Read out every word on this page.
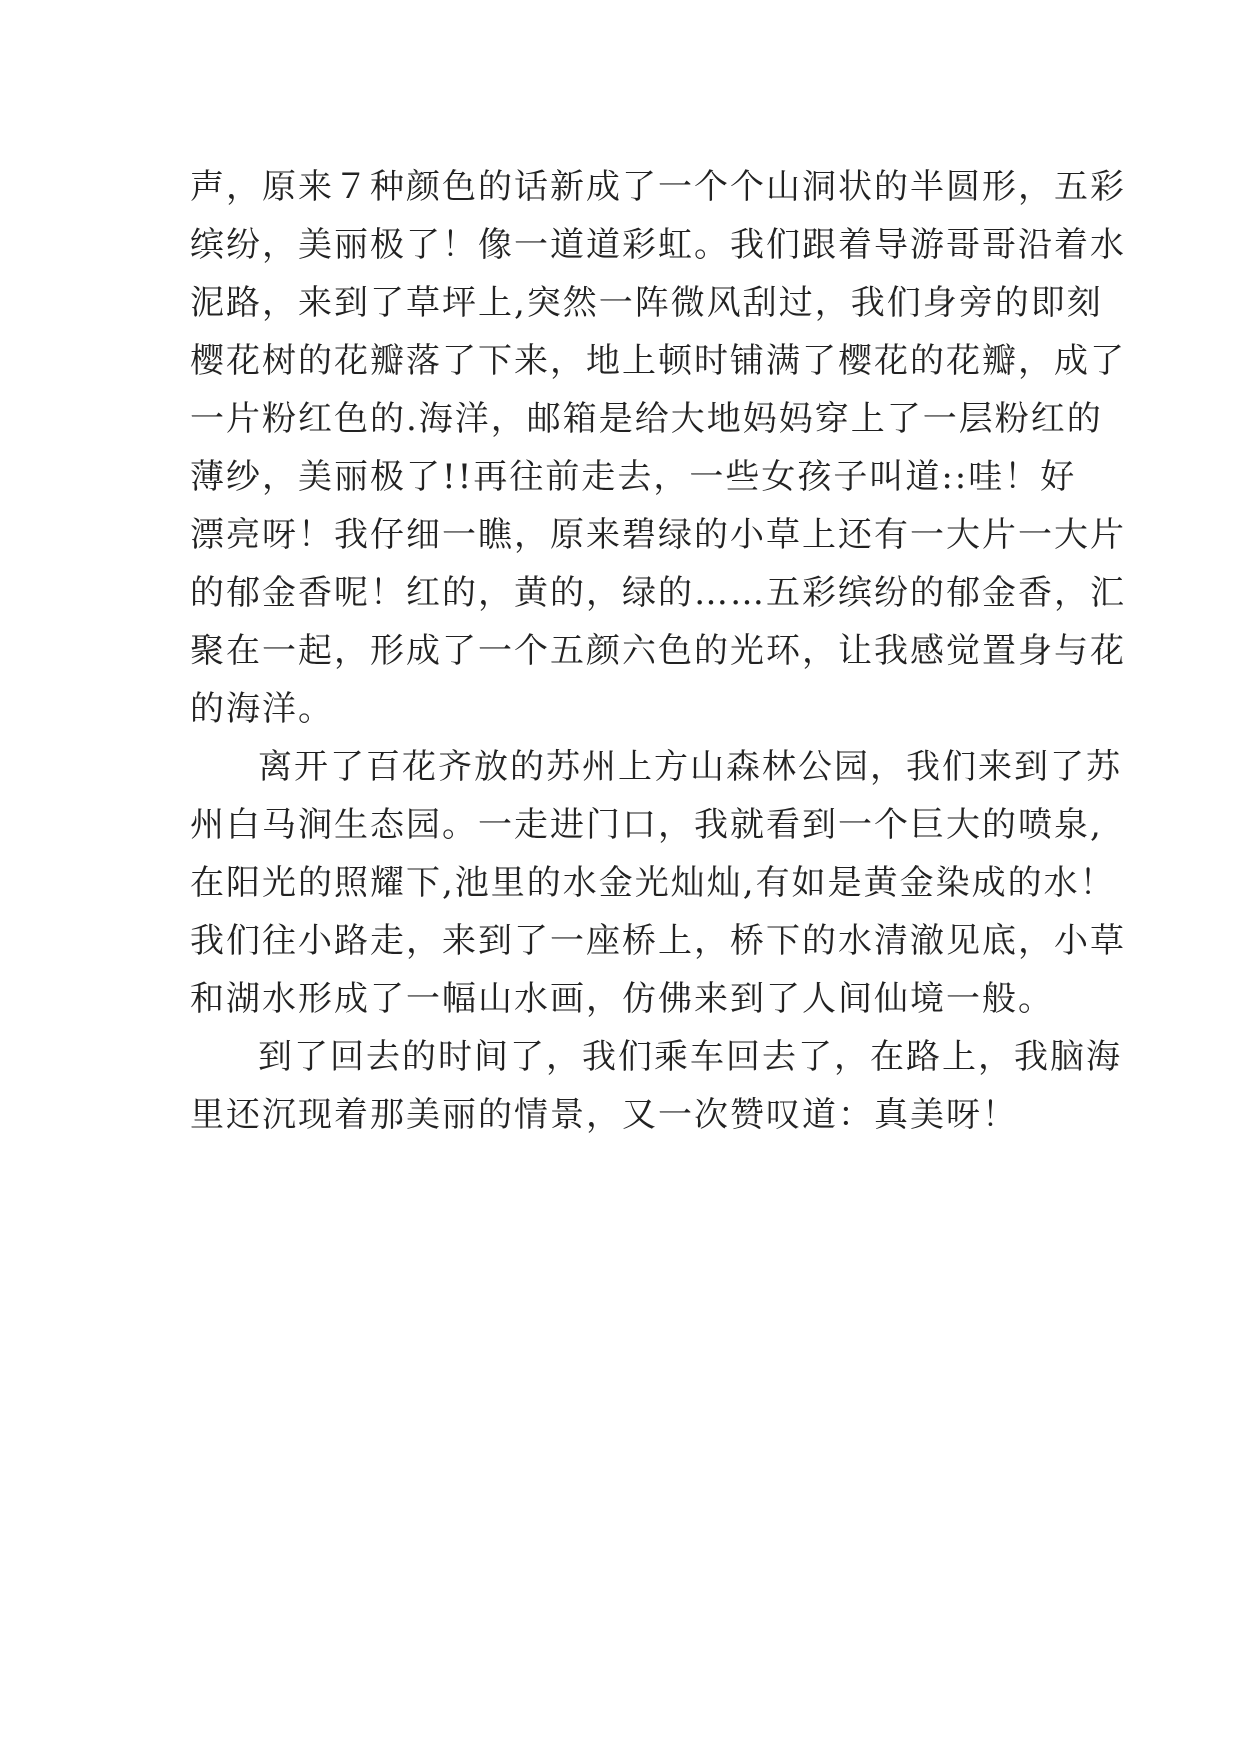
声，原来７种颜色的话新成了一个个山洞状的半圆形，五彩
缤纷，美丽极了！像一道道彩虹。我们跟着导游哥哥沿着水
泥路，来到了草坪上,突然一阵微风刮过，我们身旁的即刻
樱花树的花瓣落了下来，地上顿时铺满了樱花的花瓣，成了
一片粉红色的.海洋，邮箱是给大地妈妈穿上了一层粉红的
薄纱，美丽极了!!再往前走去，一些女孩子叫道::哇！好
漂亮呀！我仔细一瞧，原来碧绿的小草上还有一大片一大片
的郁金香呢！红的，黄的，绿的……五彩缤纷的郁金香，汇
聚在一起，形成了一个五颜六色的光环，让我感觉置身与花
的海洋。
离开了百花齐放的苏州上方山森林公园，我们来到了苏
州白马涧生态园。一走进门口，我就看到一个巨大的喷泉,
在阳光的照耀下,池里的水金光灿灿,有如是黄金染成的水！
我们往小路走，来到了一座桥上，桥下的水清澈见底，小草
和湖水形成了一幅山水画，仿佛来到了人间仙境一般。
到了回去的时间了，我们乘车回去了，在路上，我脑海
里还沉现着那美丽的情景，又一次赞叹道：真美呀！
